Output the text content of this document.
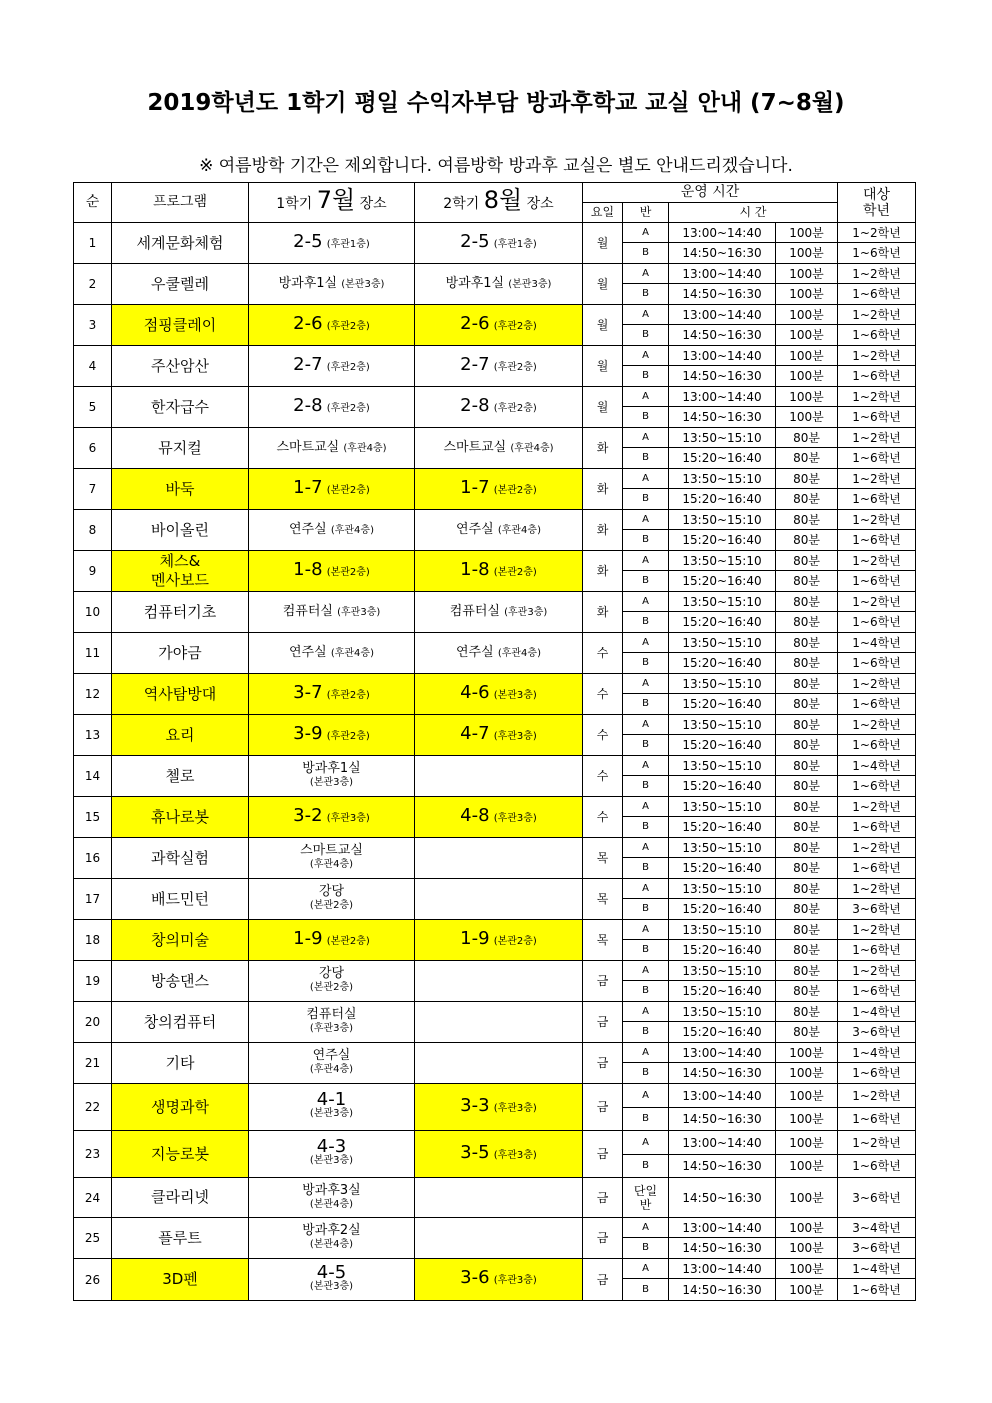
2019학년도 1학기 평일 수익자부담 방과후학교 교실 안내 (7~8월)
※ 여름방학 기간은 제외합니다. 여름방학 방과후 교실은 별도 안내드리겠습니다.
순	프로그램	1학기 7월 장소	2학기 8월 장소	운영 시간				대상
학년
				요일	반	시 간		
1	세계문화체험	2-5 (후관1층)	2-5 (후관1층)	월	A	13:00~14:40	100분	1~2학년
					B	14:50~16:30	100분	1~6학년
2	우쿨렐레	방과후1실 (본관3층)	방과후1실 (본관3층)	월	A	13:00~14:40	100분	1~2학년
					B	14:50~16:30	100분	1~6학년
3	점핑클레이	2-6 (후관2층)	2-6 (후관2층)	월	A	13:00~14:40	100분	1~2학년
					B	14:50~16:30	100분	1~6학년
4	주산암산	2-7 (후관2층)	2-7 (후관2층)	월	A	13:00~14:40	100분	1~2학년
					B	14:50~16:30	100분	1~6학년
5	한자급수	2-8 (후관2층)	2-8 (후관2층)	월	A	13:00~14:40	100분	1~2학년
					B	14:50~16:30	100분	1~6학년
6	뮤지컬	스마트교실 (후관4층)	스마트교실 (후관4층)	화	A	13:50~15:10	80분	1~2학년
					B	15:20~16:40	80분	1~6학년
7	바둑	1-7 (본관2층)	1-7 (본관2층)	화	A	13:50~15:10	80분	1~2학년
					B	15:20~16:40	80분	1~6학년
8	바이올린	연주실 (후관4층)	연주실 (후관4층)	화	A	13:50~15:10	80분	1~2학년
					B	15:20~16:40	80분	1~6학년
9	체스&
멘사보드	1-8 (본관2층)	1-8 (본관2층)	화	A	13:50~15:10	80분	1~2학년
					B	15:20~16:40	80분	1~6학년
10	컴퓨터기초	컴퓨터실 (후관3층)	컴퓨터실 (후관3층)	화	A	13:50~15:10	80분	1~2학년
					B	15:20~16:40	80분	1~6학년
11	가야금	연주실 (후관4층)	연주실 (후관4층)	수	A	13:50~15:10	80분	1~4학년
					B	15:20~16:40	80분	1~6학년
12	역사탐방대	3-7 (후관2층)	4-6 (본관3층)	수	A	13:50~15:10	80분	1~2학년
					B	15:20~16:40	80분	1~6학년
13	요리	3-9 (후관2층)	4-7 (후관3층)	수	A	13:50~15:10	80분	1~2학년
					B	15:20~16:40	80분	1~6학년
14	첼로	방과후1실
(본관3층)		수	A	13:50~15:10	80분	1~4학년
					B	15:20~16:40	80분	1~6학년
15	휴나로봇	3-2 (후관3층)	4-8 (후관3층)	수	A	13:50~15:10	80분	1~2학년
					B	15:20~16:40	80분	1~6학년
16	과학실험	스마트교실
(후관4층)		목	A	13:50~15:10	80분	1~2학년
					B	15:20~16:40	80분	1~6학년
17	배드민턴	강당
(본관2층)		목	A	13:50~15:10	80분	1~2학년
					B	15:20~16:40	80분	3~6학년
18	창의미술	1-9 (본관2층)	1-9 (본관2층)	목	A	13:50~15:10	80분	1~2학년
					B	15:20~16:40	80분	1~6학년
19	방송댄스	강당
(본관2층)		금	A	13:50~15:10	80분	1~2학년
					B	15:20~16:40	80분	1~6학년
20	창의컴퓨터	컴퓨터실
(후관3층)		금	A	13:50~15:10	80분	1~4학년
					B	15:20~16:40	80분	3~6학년
21	기타	연주실
(후관4층)		금	A	13:00~14:40	100분	1~4학년
					B	14:50~16:30	100분	1~6학년
22	생명과학	4-1
(본관3층)	3-3 (후관3층)	금	A	13:00~14:40	100분	1~2학년
					B	14:50~16:30	100분	1~6학년
23	지능로봇	4-3
(본관3층)	3-5 (후관3층)	금	A	13:00~14:40	100분	1~2학년
					B	14:50~16:30	100분	1~6학년
24	클라리넷	방과후3실
(본관4층)		금	단일
반	14:50~16:30	100분	3~6학년
25	플루트	방과후2실
(본관4층)		금	A	13:00~14:40	100분	3~4학년
					B	14:50~16:30	100분	3~6학년
26	3D펜	4-5
(본관3층)	3-6 (후관3층)	금	A	13:00~14:40	100분	1~4학년
					B	14:50~16:30	100분	1~6학년
